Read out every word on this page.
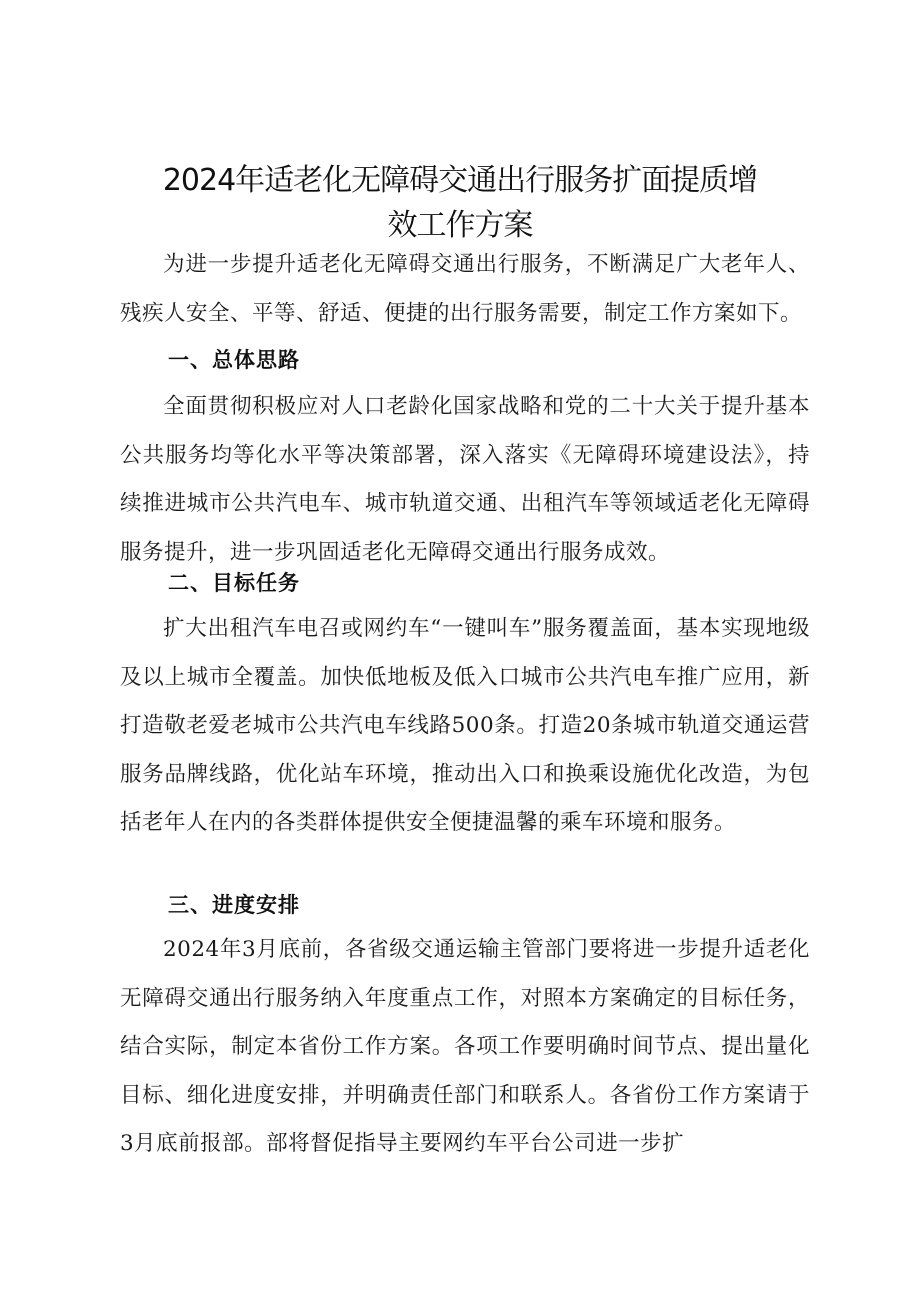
2024年适老化无障碍交通出行服务扩面提质增
效工作方案

为进一步提升适老化无障碍交通出行服务，不断满足广大老年人、残疾人安全、平等、舒适、便捷的出行服务需要，制定工作方案如下。

一、总体思路

全面贯彻积极应对人口老龄化国家战略和党的二十大关于提升基本公共服务均等化水平等决策部署，深入落实《无障碍环境建设法》，持续推进城市公共汽电车、城市轨道交通、出租汽车等领域适老化无障碍服务提升，进一步巩固适老化无障碍交通出行服务成效。

二、目标任务

扩大出租汽车电召或网约车“一键叫车”服务覆盖面，基本实现地级及以上城市全覆盖。加快低地板及低入口城市公共汽电车推广应用，新打造敬老爱老城市公共汽电车线路500条。打造20条城市轨道交通运营服务品牌线路，优化站车环境，推动出入口和换乘设施优化改造，为包括老年人在内的各类群体提供安全便捷温馨的乘车环境和服务。

三、进度安排

2024年3月底前，各省级交通运输主管部门要将进一步提升适老化无障碍交通出行服务纳入年度重点工作，对照本方案确定的目标任务，结合实际，制定本省份工作方案。各项工作要明确时间节点、提出量化目标、细化进度安排，并明确责任部门和联系人。各省份工作方案请于3月底前报部。部将督促指导主要网约车平台公司进一步扩
